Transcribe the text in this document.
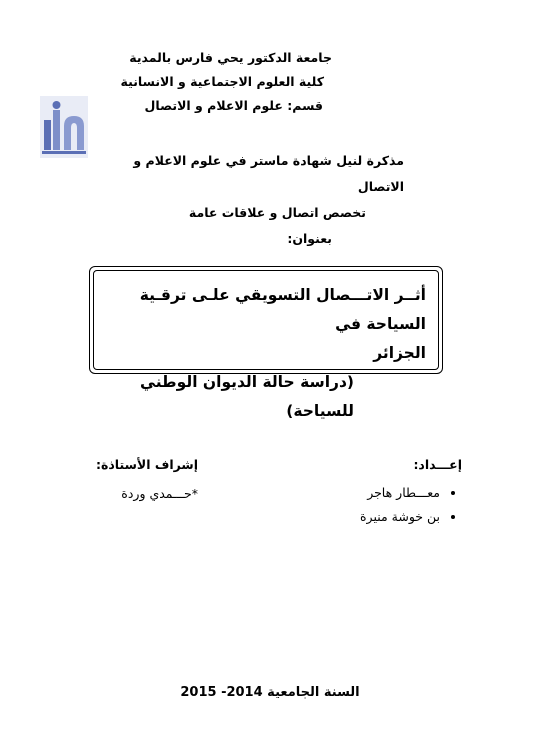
جامعة الدكتور يحي فارس بالمدية
كلية العلوم الاجتماعية و الانسانية
قسم: علوم الاعلام و الاتصال
مذكرة لنيل شهادة ماستر في علوم الاعلام و الاتصال
تخصص اتصال و علاقات عامة
بعنوان:
أثــر الاتـــصال التسويقي علـى ترقـية السياحة في
الجزائر
(دراسة حالة الديوان الوطني للسياحة)
إعـــداد:
• معـــطار هاجر
• بن خوشة منيرة
إشراف الأستاذة:
*حـــمدي وردة
السنة الجامعية 2014- 2015
